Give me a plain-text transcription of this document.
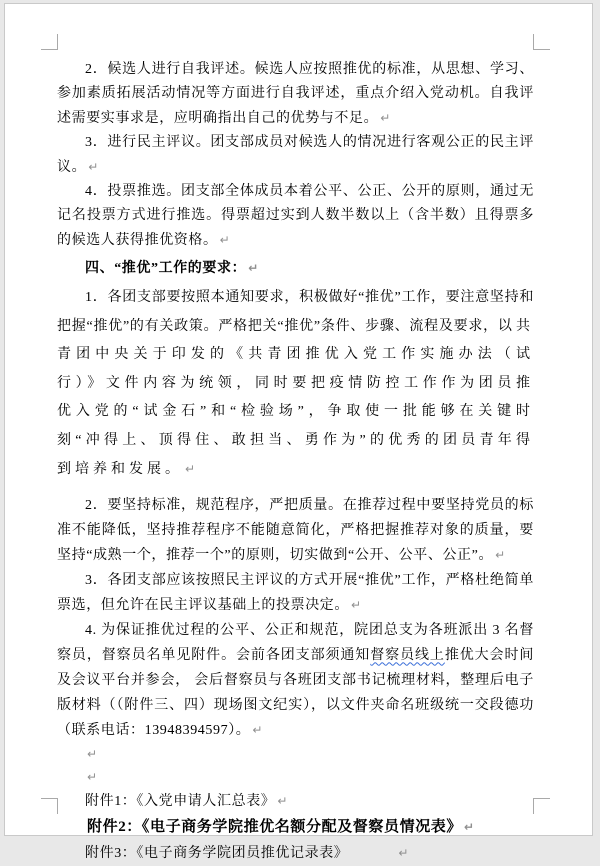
2．候选人进行自我评述。候选人应按照推优的标准，从思想、学习、参加素质拓展活动情况等方面进行自我评述，重点介绍入党动机。自我评述需要实事求是，应明确指出自己的优势与不足。 ↵

3．进行民主评议。团支部成员对候选人的情况进行客观公正的民主评议。 ↵

4．投票推选。团支部全体成员本着公平、公正、公开的原则，通过无记名投票方式进行推选。得票超过实到人数半数以上（含半数）且得票多的候选人获得推优资格。 ↵

四、“推优”工作的要求： ↵

1．各团支部要按照本通知要求，积极做好“推优”工作，要注意坚持和把握“推优”的有关政策。严格把关“推优”条件、步骤、流程及要求，以共青团中央关于印发的《共青团推优入党工作实施办法（试行）》文件内容为统领，同时要把疫情防控工作作为团员推优入党的“试金石”和“检验场”，争取使一批能够在关键时刻“冲得上、顶得住、敢担当、勇作为”的优秀的团员青年得到培养和发展。 ↵

2．要坚持标准，规范程序，严把质量。在推荐过程中要坚持党员的标准不能降低，坚持推荐程序不能随意简化，严格把握推荐对象的质量，要坚持“成熟一个，推荐一个”的原则，切实做到“公开、公平、公正”。 ↵

3．各团支部应该按照民主评议的方式开展“推优”工作，严格杜绝简单票选，但允许在民主评议基础上的投票决定。 ↵

4. 为保证推优过程的公平、公正和规范，院团总支为各班派出 3 名督察员，督察员名单见附件。会前各团支部须通知督察员线上推优大会时间及会议平台并参会， 会后督察员与各班团支部书记梳理材料，整理后电子版材料（（附件三、四）现场图文纪实），以文件夹命名班级统一交段德功（联系电话：13948394597）。 ↵

↵

↵

附件1：《入党申请人汇总表》 ↵

附件2：《电子商务学院推优名额分配及督察员情况表》 ↵

附件3：《电子商务学院团员推优记录表》	↵
